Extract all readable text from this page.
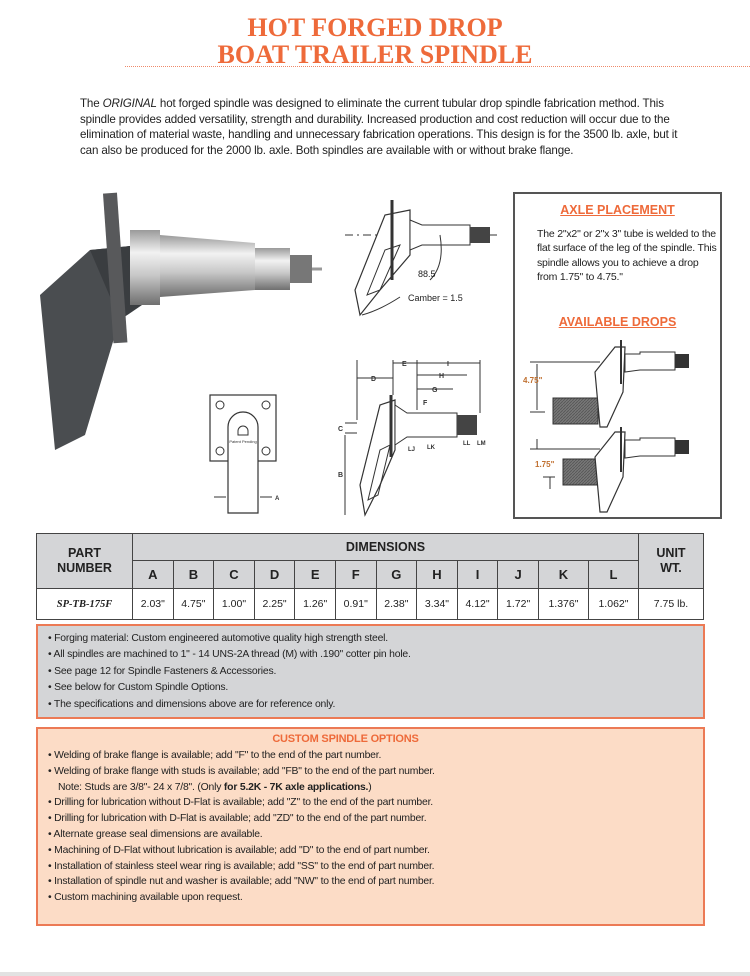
HOT FORGED DROP
BOAT TRAILER SPINDLE
The ORIGINAL hot forged spindle was designed to eliminate the current tubular drop spindle fabrication method. This spindle provides added versatility, strength and durability. Increased production and cost reduction will occur due to the elimination of material waste, handling and unnecessary fabrication operations. This design is for the 3500 lb. axle, but it can also be produced for the 2000 lb. axle. Both spindles are available with or without brake flange.
Patent Pending
A
88.5
Camber = 1.5
D
E	I
H
G
F
C
B
LJ LK
LL LM
AXLE PLACEMENT
The 2"x2" or 2"x 3" tube is welded to the flat surface of the leg of the spindle. This spindle allows you to achieve a drop from 1.75" to 4.75."
AVAILABLE DROPS
4.75"
1.75"
PART
NUMBER	DIMENSIONS												UNIT
WT.
	A	B	C	D	E	F	G	H	I	J	K	L	
SP-TB-175F	2.03"	4.75"	1.00"	2.25"	1.26"	0.91"	2.38"	3.34"	4.12"	1.72"	1.376"	1.062"	7.75 lb.
• Forging material: Custom engineered automotive quality high strength steel.
• All spindles are machined to 1" - 14 UNS-2A thread (M) with .190" cotter pin hole.
• See page 12 for Spindle Fasteners & Accessories.
• See below for Custom Spindle Options.
• The specifications and dimensions above are for reference only.
CUSTOM SPINDLE OPTIONS
• Welding of brake flange is available; add "F" to the end of the part number.
• Welding of brake flange with studs is available; add "FB" to the end of the part number.
Note: Studs are 3/8"- 24 x 7/8". (Only for 5.2K - 7K axle applications.)
• Drilling for lubrication without D-Flat is available; add "Z" to the end of the part number.
• Drilling for lubrication with D-Flat is available; add "ZD" to the end of the part number.
• Alternate grease seal dimensions are available.
• Machining of D-Flat without lubrication is available; add "D" to the end of part number.
• Installation of stainless steel wear ring is available; add "SS" to the end of part number.
• Installation of spindle nut and washer is available; add "NW" to the end of part number.
• Custom machining available upon request.
